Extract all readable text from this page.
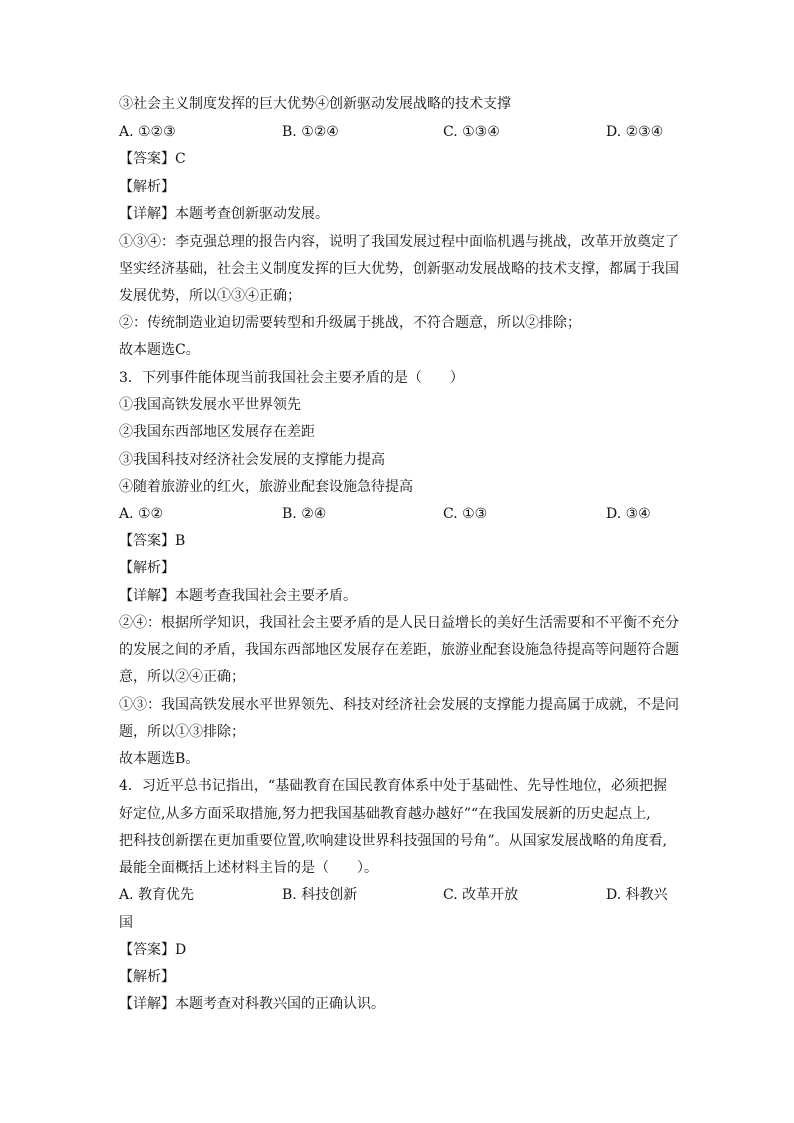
③社会主义制度发挥的巨大优势④创新驱动发展战略的技术支撑
A. ①②③	B. ①②④	C. ①③④	D. ②③④
【答案】C
【解析】
【详解】本题考查创新驱动发展。
①③④：李克强总理的报告内容，说明了我国发展过程中面临机遇与挑战，改革开放奠定了
坚实经济基础，社会主义制度发挥的巨大优势，创新驱动发展战略的技术支撑，都属于我国
发展优势，所以①③④正确；
②：传统制造业迫切需要转型和升级属于挑战，不符合题意，所以②排除；
故本题选C。
3．下列事件能体现当前我国社会主要矛盾的是（　　）
①我国高铁发展水平世界领先
②我国东西部地区发展存在差距
③我国科技对经济社会发展的支撑能力提高
④随着旅游业的红火，旅游业配套设施急待提高
A. ①②	B. ②④	C. ①③	D. ③④
【答案】B
【解析】
【详解】本题考查我国社会主要矛盾。
②④：根据所学知识，我国社会主要矛盾的是人民日益增长的美好生活需要和不平衡不充分
的发展之间的矛盾，我国东西部地区发展存在差距，旅游业配套设施急待提高等问题符合题
意，所以②④正确；
①③：我国高铁发展水平世界领先、科技对经济社会发展的支撑能力提高属于成就，不是问
题，所以①③排除；
故本题选B。
4．习近平总书记指出，“基础教育在国民教育体系中处于基础性、先导性地位，必须把握
好定位,从多方面采取措施,努力把我国基础教育越办越好”“在我国发展新的历史起点上,
把科技创新摆在更加重要位置,吹响建设世界科技强国的号角”。从国家发展战略的角度看,
最能全面概括上述材料主旨的是（　　）。
A. 教育优先	B. 科技创新	C. 改革开放	D. 科教兴
国
【答案】D
【解析】
【详解】本题考查对科教兴国的正确认识。
